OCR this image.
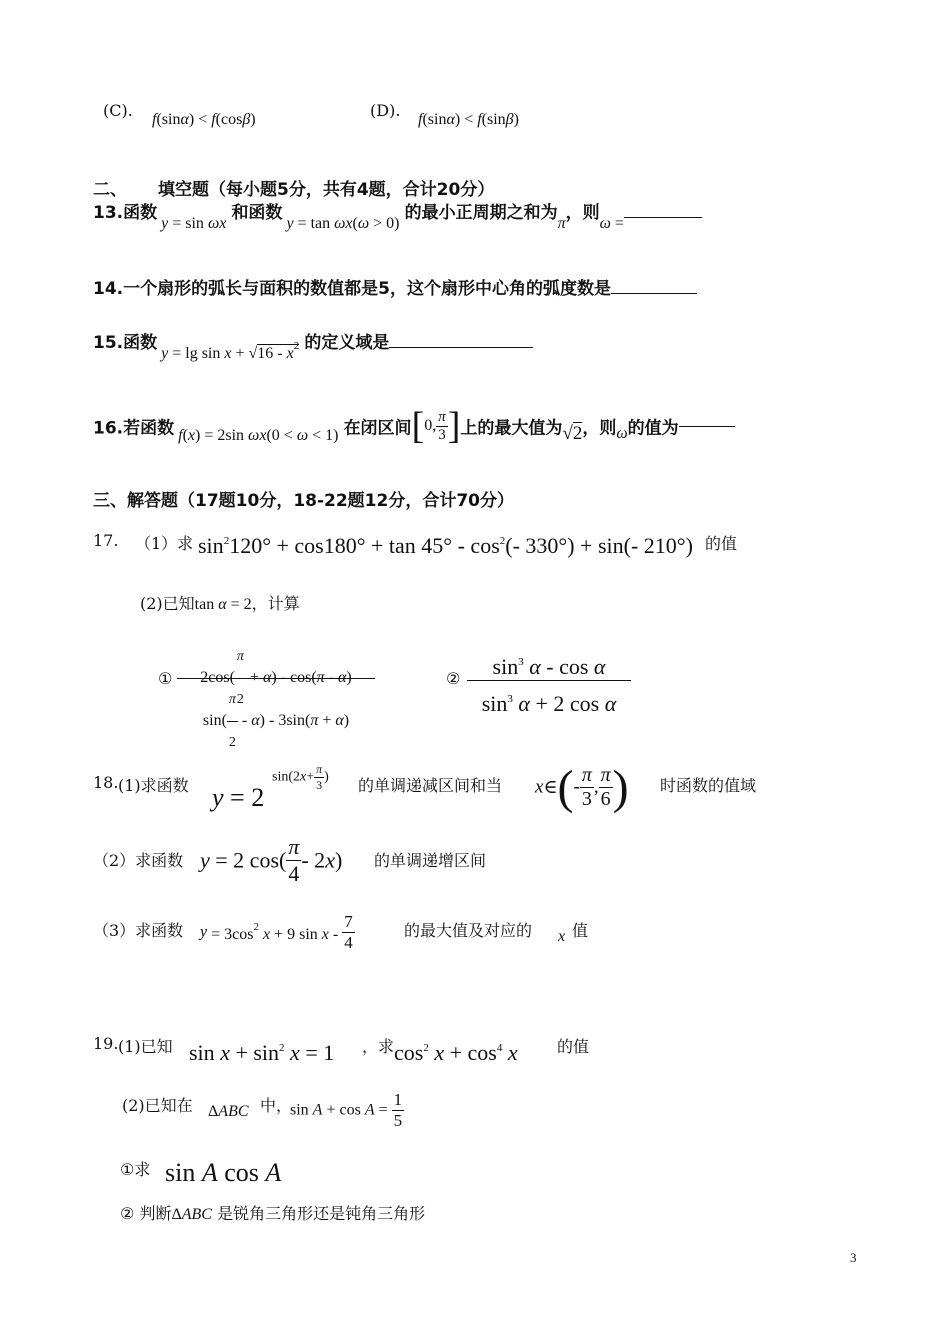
(C). f(sinα) < f(cosβ)	(D). f(sinα) < f(sinβ)
二、 填空题（每小题5分，共有4题，合计20分）
13.函数 y = sin ωx 和函数 y = tan ωx(ω > 0) 的最小正周期之和为π，则ω =
14.一个扇形的弧长与面积的数值都是5，这个扇形中心角的弧度数是
15.函数 $y = \lg \sin x + √16 - x^2$ 的定义域是
16.若函数 f(x) = 2sin ωx(0 < ω < 1) 在闭区间[0, $\frac{\pi}{3}$ ]上的最大值为√2，则ω的值为
三、解答题（17题10分，18-22题12分，合计70分）
17. （1）求 $\sin^2120^\circ + \cos 180^\circ + \tan 45^\circ - \cos^2(-$ 330°) + sin(- 210°) 的值
(2)已知tan α = 2，计算
①	$2\cos( \frac{\pi}{2} + \alpha) - \cos(\pi - \alpha)$
$\sin( \frac{\pi}{2} - \alpha) - 3\sin(\pi + \alpha)$
②	$\sin^3 \alpha$ - cos α
$\sin^3 \alpha + 2$ cos α
18. (1)求函数 y = 2
$\sin(2x+ \frac{\pi}{3}$ ) 的单调递减区间和当 x∈(- $\frac{\pi}{3}$ , $\frac{\pi}{6}$ ) 时函数的值域
（2）求函数 y = 2 $\cos( \frac{\pi}{4} - 2x)$ 的单调递增区间
（3）求函数 $y = 3\cos^2$ x + 9 sin x - $\frac{7}{4}$	的最大值及对应的 x 值
19. (1)已知 $\sin x + \sin^2 x = 1$ ，求 $\cos^2 x + \cos^4 x$ 的值
(2)已知在 ΔABC 中，
$\sin A + \cos A = \frac{1}{5}$
①求 sin A cos A
② 判断ΔABC 是锐角三角形还是钝角三角形
3
